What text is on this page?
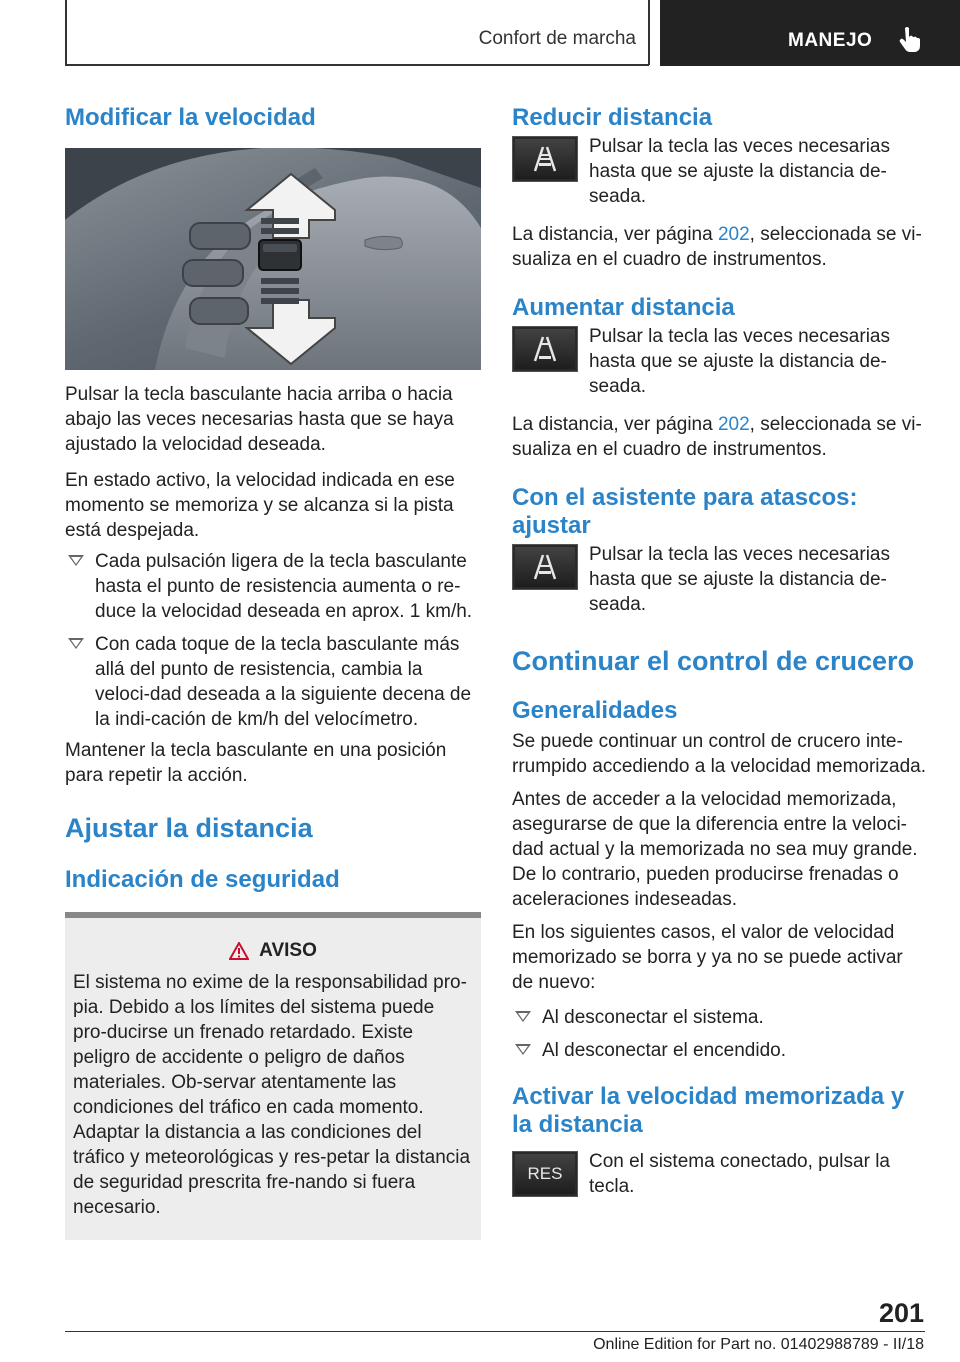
Confort de marcha	MANEJO
Modificar la velocidad

Pulsar la tecla basculante hacia arriba o hacia abajo las veces necesarias hasta que se haya ajustado la velocidad deseada.

En estado activo, la velocidad indicada en ese momento se memoriza y se alcanza si la pista está despejada.

Cada pulsación ligera de la tecla basculante hasta el punto de resistencia aumenta o re-duce la velocidad deseada en aprox. 1 km/h.
Con cada toque de la tecla basculante más allá del punto de resistencia, cambia la veloci-dad deseada a la siguiente decena de la indi-cación de km/h del velocímetro.

Mantener la tecla basculante en una posición para repetir la acción.

Ajustar la distancia
Indicación de seguridad
AVISO

El sistema no exime de la responsabilidad pro-pia. Debido a los límites del sistema puede pro-ducirse un frenado retardado. Existe peligro de accidente o peligro de daños materiales. Ob-servar atentamente las condiciones del tráfico en cada momento. Adaptar la distancia a las condiciones del tráfico y meteorológicas y res-petar la distancia de seguridad prescrita fre-nando si fuera necesario.

Reducir distancia

Pulsar la tecla las veces necesarias hasta que se ajuste la distancia de-seada.

La distancia, ver página 202, seleccionada se vi-sualiza en el cuadro de instrumentos.

Aumentar distancia

Pulsar la tecla las veces necesarias hasta que se ajuste la distancia de-seada.

La distancia, ver página 202, seleccionada se vi-sualiza en el cuadro de instrumentos.

Con el asistente para atascos: ajustar

Pulsar la tecla las veces necesarias hasta que se ajuste la distancia de-seada.

Continuar el control de crucero
Generalidades

Se puede continuar un control de crucero inte-rrumpido accediendo a la velocidad memorizada.

Antes de acceder a la velocidad memorizada, asegurarse de que la diferencia entre la veloci-dad actual y la memorizada no sea muy grande. De lo contrario, pueden producirse frenadas o aceleraciones indeseadas.

En los siguientes casos, el valor de velocidad memorizado se borra y ya no se puede activar de nuevo:

Al desconectar el sistema.
Al desconectar el encendido.
Activar la velocidad memorizada y la distancia
RES

Con el sistema conectado, pulsar la tecla.

201
Online Edition for Part no. 01402988789 - II/18
